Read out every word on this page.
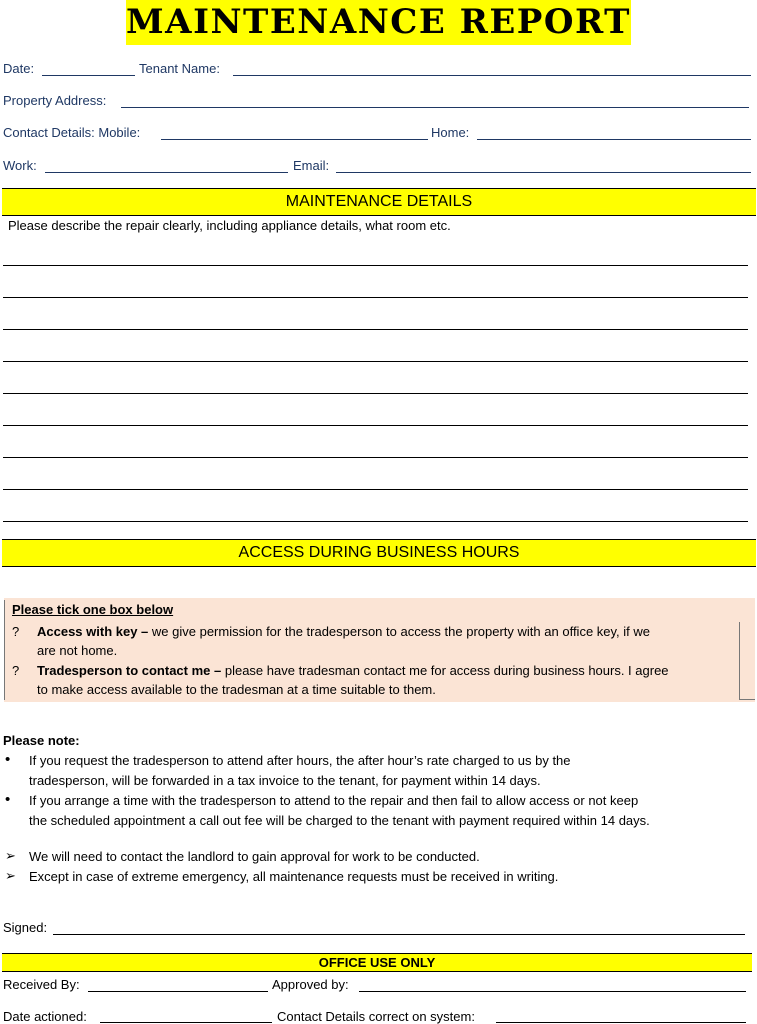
MAINTENANCE REPORT
Date:	Tenant Name:
Property Address:
Contact Details: Mobile:	Home:
Work:	Email:
MAINTENANCE DETAILS
Please describe the repair clearly, including appliance details, what room etc.
ACCESS DURING BUSINESS HOURS
Please tick one box below
? Access with key – we give permission for the tradesperson to access the property with an office key, if we
are not home.
? Tradesperson to contact me – please have tradesman contact me for access during business hours. I agree
to make access available to the tradesman at a time suitable to them.
Please note:
• If you request the tradesperson to attend after hours, the after hour’s rate charged to us by the
tradesperson, will be forwarded in a tax invoice to the tenant, for payment within 14 days.
• If you arrange a time with the tradesperson to attend to the repair and then fail to allow access or not keep
the scheduled appointment a call out fee will be charged to the tenant with payment required within 14 days.
➢ We will need to contact the landlord to gain approval for work to be conducted.
➢ Except in case of extreme emergency, all maintenance requests must be received in writing.
Signed:
OFFICE USE ONLY
Received By:	Approved by:
Date actioned:	Contact Details correct on system:
